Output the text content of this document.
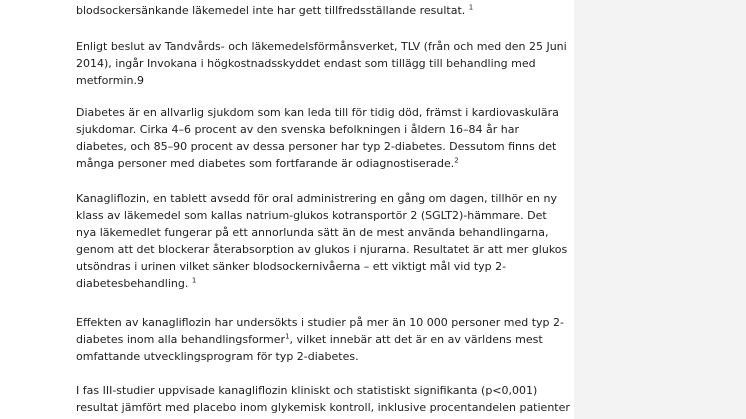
blodsockersänkande läkemedel inte har gett tillfredsställande resultat. $^1$

Enligt beslut av Tandvårds- och läkemedelsförmånsverket, TLV (från och med den 25 Juni 2014), ingår Invokana i högkostnadsskyddet endast som tillägg till behandling med metformin.9

Diabetes är en allvarlig sjukdom som kan leda till för tidig död, främst i kardiovaskulära sjukdomar. Cirka 4–6 procent av den svenska befolkningen i åldern 16–84 år har diabetes, och 85–90 procent av dessa personer har typ 2-diabetes. Dessutom finns det många personer med diabetes som fortfarande är odiagnostiserade.$^2$

Kanagliflozin, en tablett avsedd för oral administrering en gång om dagen, tillhör en ny klass av läkemedel som kallas natrium-glukos kotransportör 2 (SGLT2)-hämmare. Det nya läkemedlet fungerar på ett annorlunda sätt än de mest använda behandlingarna, genom att det blockerar återabsorption av glukos i njurarna. Resultatet är att mer glukos utsöndras i urinen vilket sänker blodsockernivåerna – ett viktigt mål vid typ 2-diabetesbehandling. $^1$

Effekten av kanagliflozin har undersökts i studier på mer än 10 000 personer med typ 2-diabetes inom alla behandlingsformer$^1$, vilket innebär att det är en av världens mest omfattande utvecklingsprogram för typ 2-diabetes.

I fas III-studier uppvisade kanagliflozin kliniskt och statistiskt signifikanta (p<0,001) resultat jämfört med placebo inom glykemisk kontroll, inklusive procentandelen patienter
